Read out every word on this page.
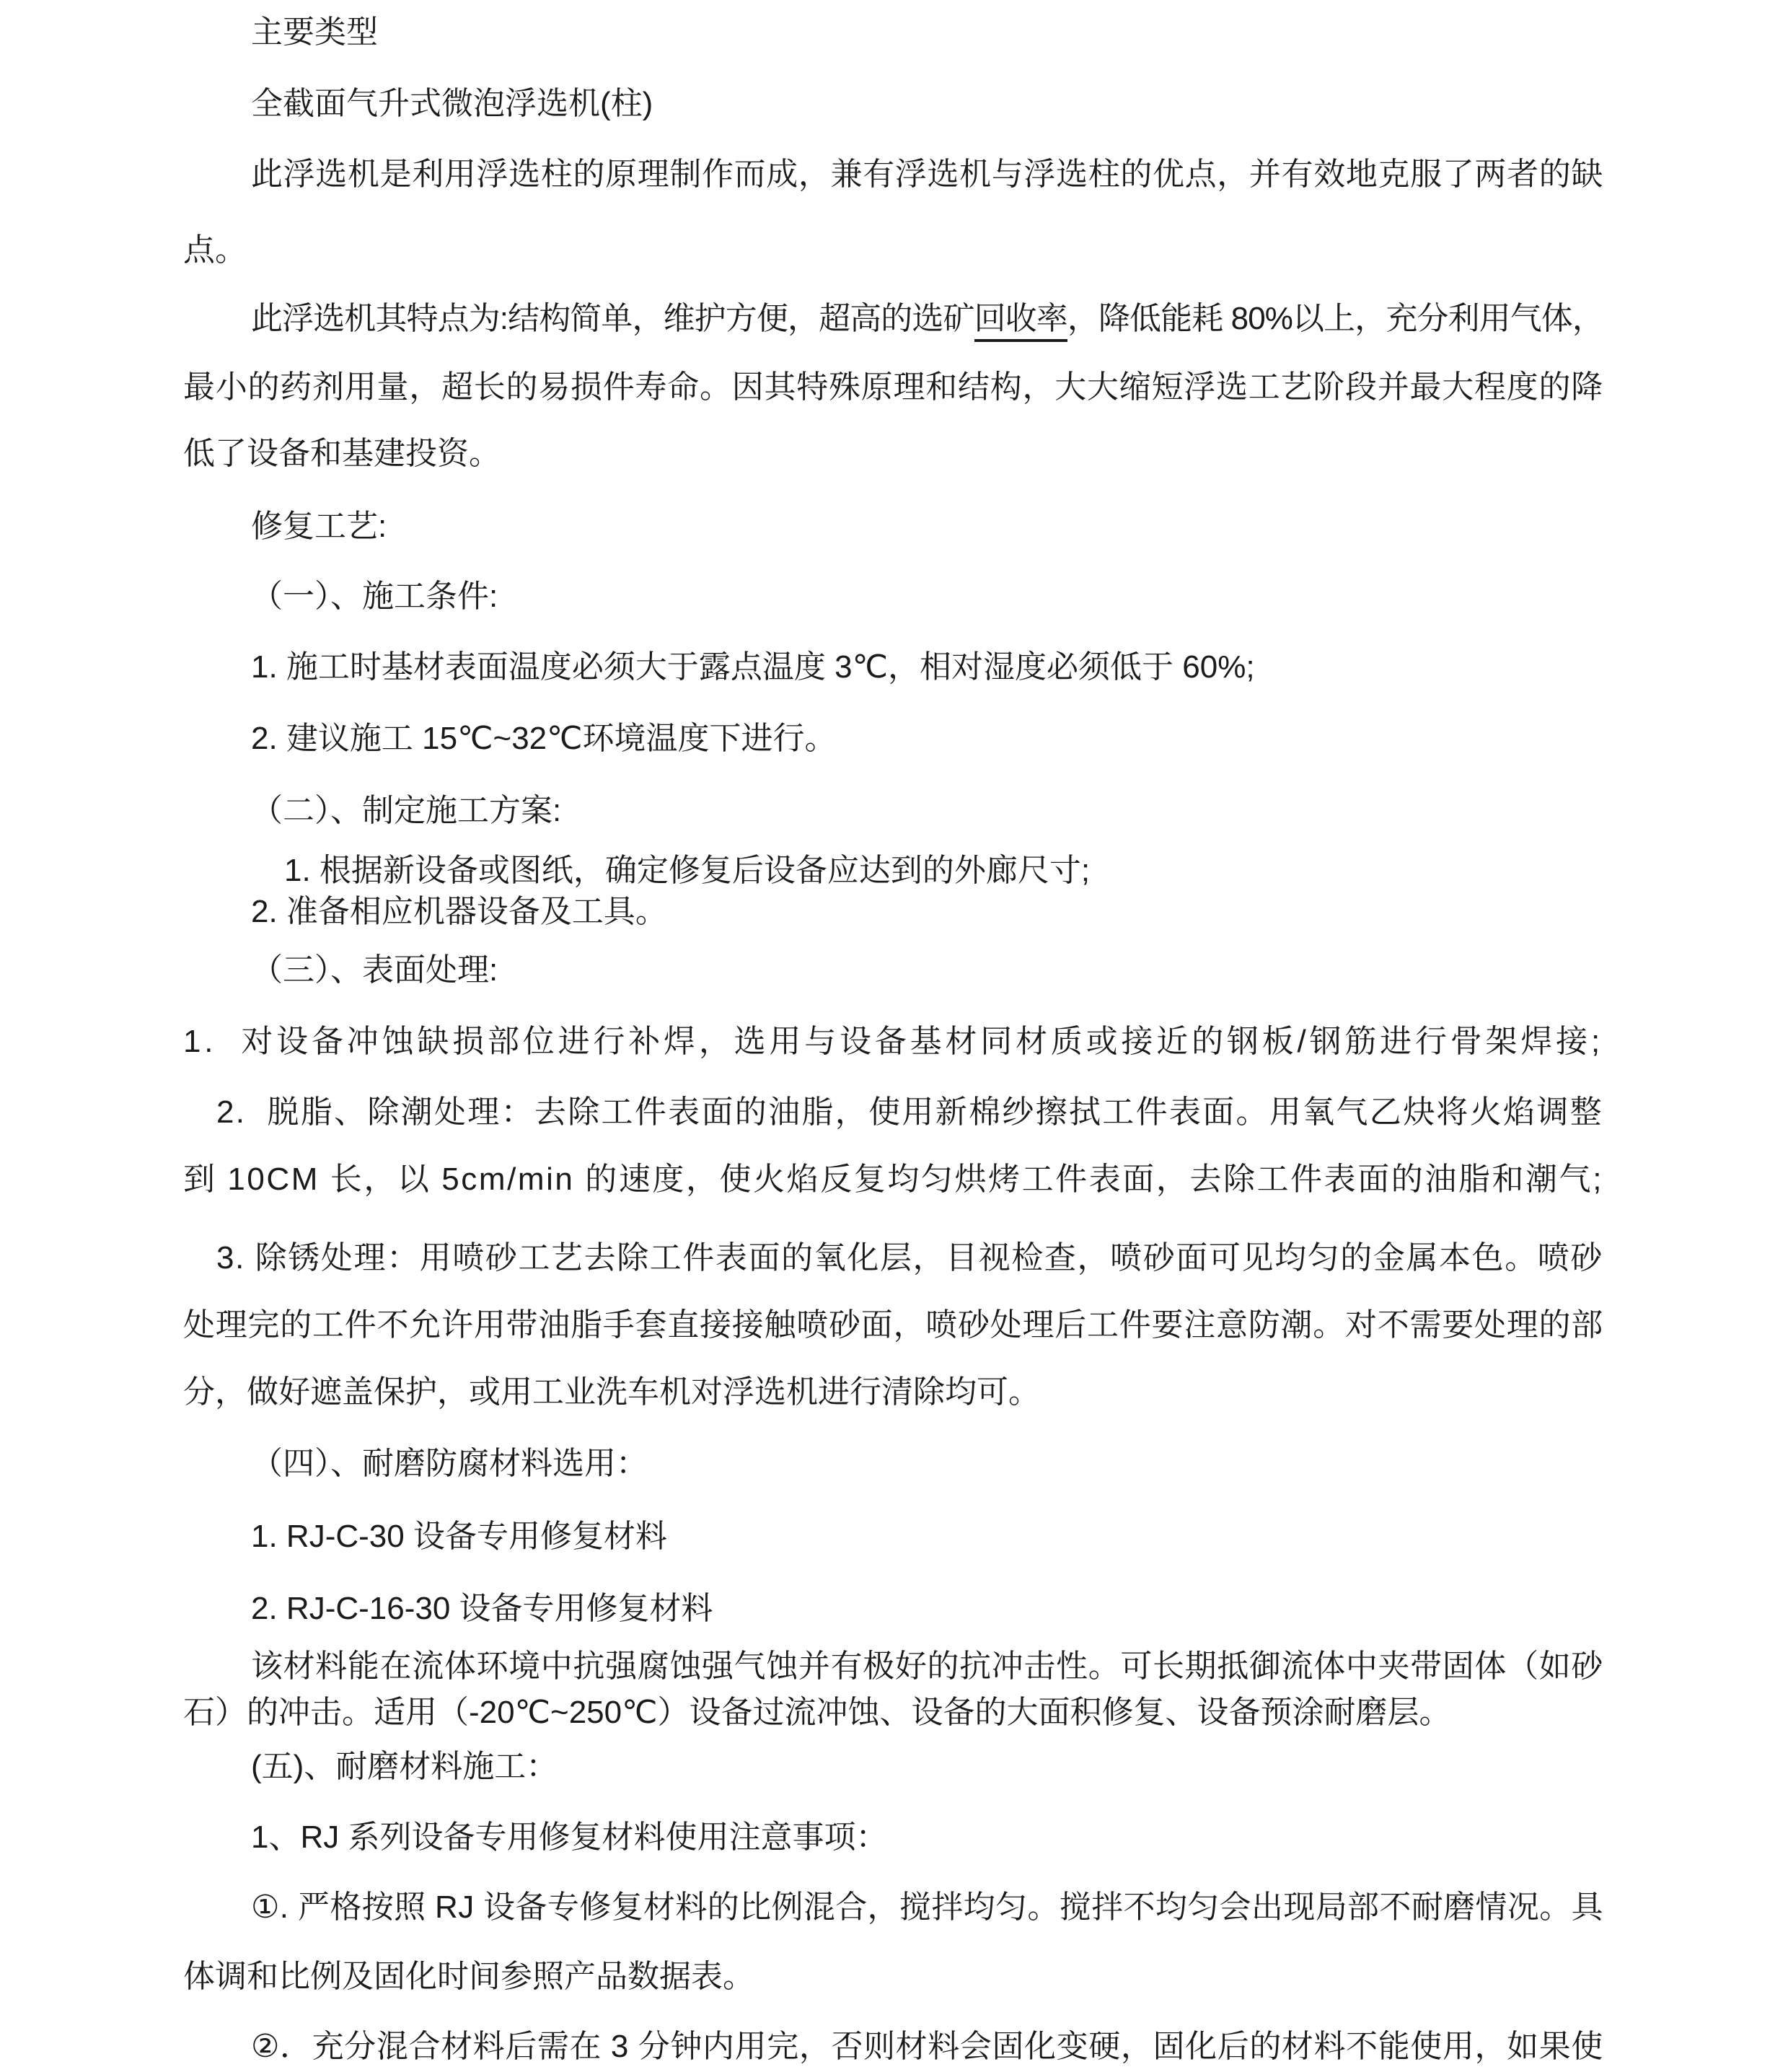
主要类型
全截面气升式微泡浮选机(柱)
此浮选机是利用浮选柱的原理制作而成，兼有浮选机与浮选柱的优点，并有效地克服了两者的缺
点。
此浮选机其特点为:结构简单，维护方便，超高的选矿回收率，降低能耗 80%以上，充分利用气体，
最小的药剂用量，超长的易损件寿命。因其特殊原理和结构，大大缩短浮选工艺阶段并最大程度的降
低了设备和基建投资。
修复工艺:
（一）、施工条件:
1. 施工时基材表面温度必须大于露点温度 3℃，相对湿度必须低于 60%;
2. 建议施工 15℃~32℃环境温度下进行。
（二）、制定施工方案:
1. 根据新设备或图纸，确定修复后设备应达到的外廊尺寸;
2. 准备相应机器设备及工具。
（三）、表面处理:
1.  对设备冲蚀缺损部位进行补焊，选用与设备基材同材质或接近的钢板/钢筋进行骨架焊接;
2.  脱脂、除潮处理：去除工件表面的油脂，使用新棉纱擦拭工件表面。用氧气乙炔将火焰调整
到 10CM 长，以 5cm/min 的速度，使火焰反复均匀烘烤工件表面，去除工件表面的油脂和潮气;
3. 除锈处理：用喷砂工艺去除工件表面的氧化层，目视检查，喷砂面可见均匀的金属本色。喷砂
处理完的工件不允许用带油脂手套直接接触喷砂面，喷砂处理后工件要注意防潮。对不需要处理的部
分，做好遮盖保护，或用工业洗车机对浮选机进行清除均可。
（四）、耐磨防腐材料选用：
1. RJ-C-30 设备专用修复材料
2. RJ-C-16-30 设备专用修复材料
该材料能在流体环境中抗强腐蚀强气蚀并有极好的抗冲击性。可长期抵御流体中夹带固体（如砂
石）的冲击。适用（-20℃~250℃）设备过流冲蚀、设备的大面积修复、设备预涂耐磨层。
(五)、耐磨材料施工：
1、RJ 系列设备专用修复材料使用注意事项：
①. 严格按照 RJ 设备专修复材料的比例混合，搅拌均匀。搅拌不均匀会出现局部不耐磨情况。具
体调和比例及固化时间参照产品数据表。
②．充分混合材料后需在 3 分钟内用完，否则材料会固化变硬，固化后的材料不能使用，如果使
